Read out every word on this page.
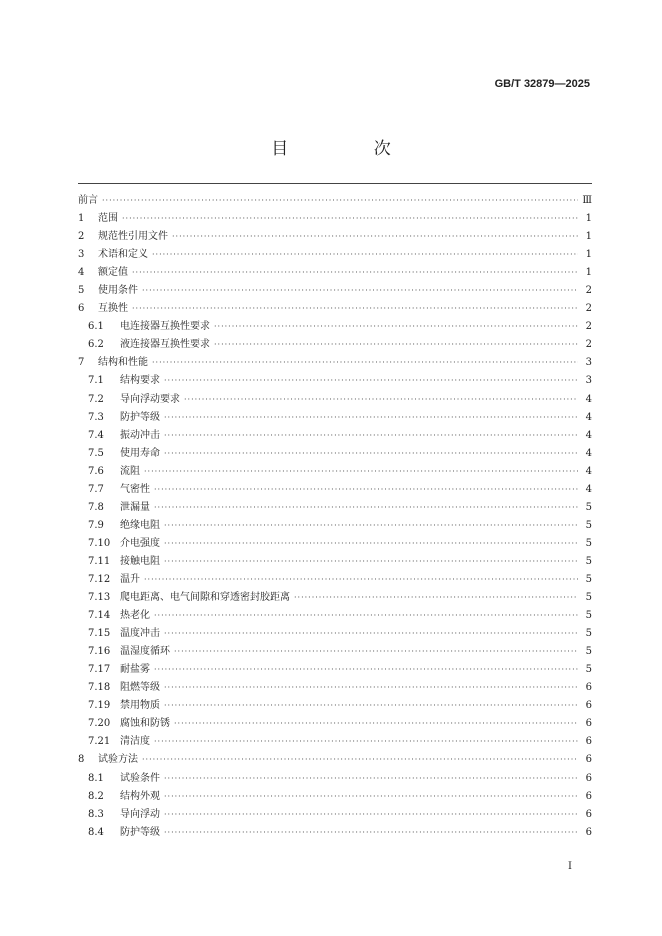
GB/T 32879—2025
目 次
前言 ·····	Ⅲ
1	范围 ·····	1
2	规范性引用文件 ·····	1
3	术语和定义 ·····	1
4	额定值 ·····	1
5	使用条件 ·····	2
6	互换性 ·····	2
6.1	电连接器互换性要求 ·····	2
6.2	液连接器互换性要求 ·····	2
7	结构和性能 ·····	3
7.1	结构要求 ·····	3
7.2	导向浮动要求 ·····	4
7.3	防护等级 ·····	4
7.4	振动冲击 ·····	4
7.5	使用寿命 ·····	4
7.6	流阻 ·····	4
7.7	气密性 ·····	4
7.8	泄漏量 ·····	5
7.9	绝缘电阻 ·····	5
7.10 介电强度 ·····	5
7.11 接触电阻 ·····	5
7.12 温升 ·····	5
7.13 爬电距离、电气间隙和穿透密封胶距离 ·····	5
7.14 热老化 ·····	5
7.15 温度冲击 ·····	5
7.16 温湿度循环 ·····	5
7.17 耐盐雾 ·····	5
7.18 阻燃等级 ·····	6
7.19 禁用物质 ·····	6
7.20 腐蚀和防锈 ·····	6
7.21 清洁度 ·····	6
8	试验方法 ·····	6
8.1	试验条件 ·····	6
8.2	结构外观 ·····	6
8.3	导向浮动 ·····	6
8.4	防护等级 ·····	6
Ⅰ
